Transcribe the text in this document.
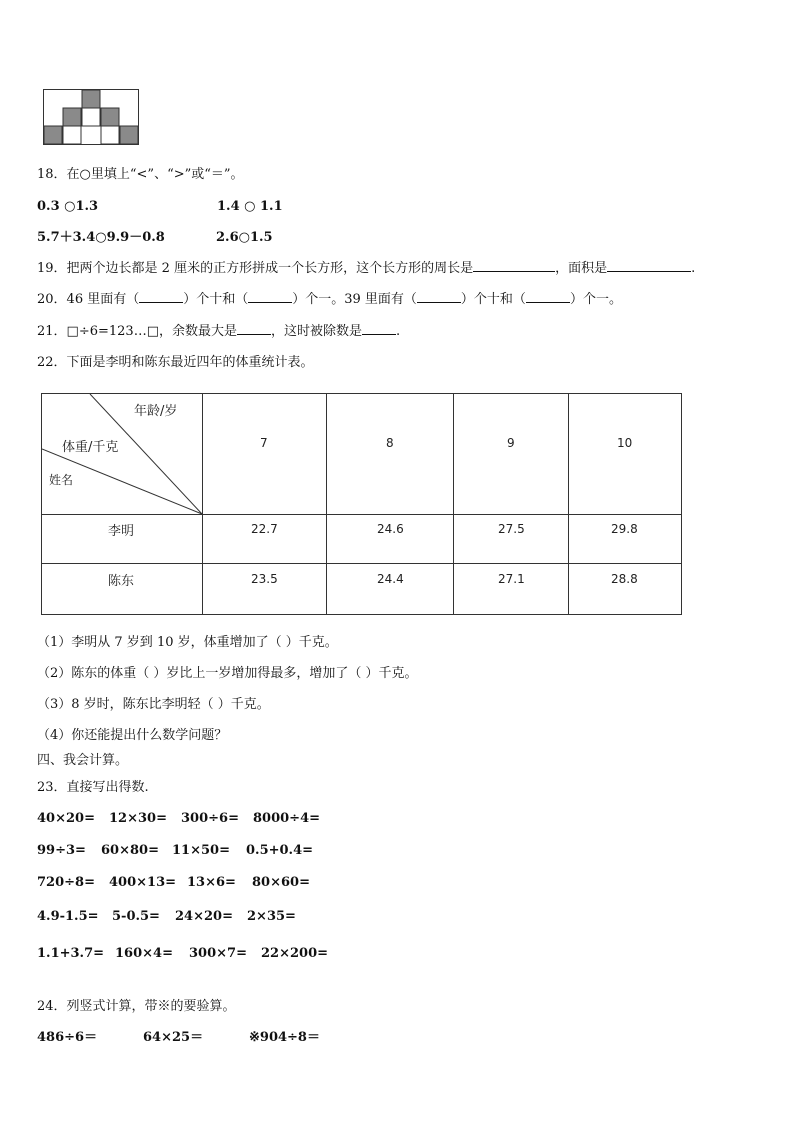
18．在○里填上“<”、“>”或“＝”。
0.3 ○1.3	1.4 ○ 1.1
5.7＋3.4○9.9－0.8	2.6○1.5
19．把两个边长都是 2 厘米的正方形拼成一个长方形，这个长方形的周长是	，面积是	.
20．46 里面有（	）个十和（	）个一。39 里面有（	）个十和（	）个一。
21．□÷6=123…□，余数最大是	，这时被除数是	.
22．下面是李明和陈东最近四年的体重统计表。
年龄/岁
体重/千克
姓名
7	8	9	10
李明	22.7	24.6	27.5	29.8
陈东	23.5	24.4	27.1	28.8
（1）李明从 7 岁到 10 岁，体重增加了（ ）千克。
（2）陈东的体重（ ）岁比上一岁增加得最多，增加了（ ）千克。
（3）8 岁时，陈东比李明轻（ ）千克。
（4）你还能提出什么数学问题？
四、我会计算。
23．直接写出得数.
40×20= 12×30= 300÷6= 8000÷4=
99÷3= 60×80= 11×50= 0.5+0.4=
720÷8= 400×13= 13×6= 80×60=
4.9-1.5= 5-0.5= 24×20= 2×35=
1.1+3.7= 160×4= 300×7= 22×200=
24．列竖式计算，带※的要验算。
486÷6＝	64×25＝	※904÷8＝
